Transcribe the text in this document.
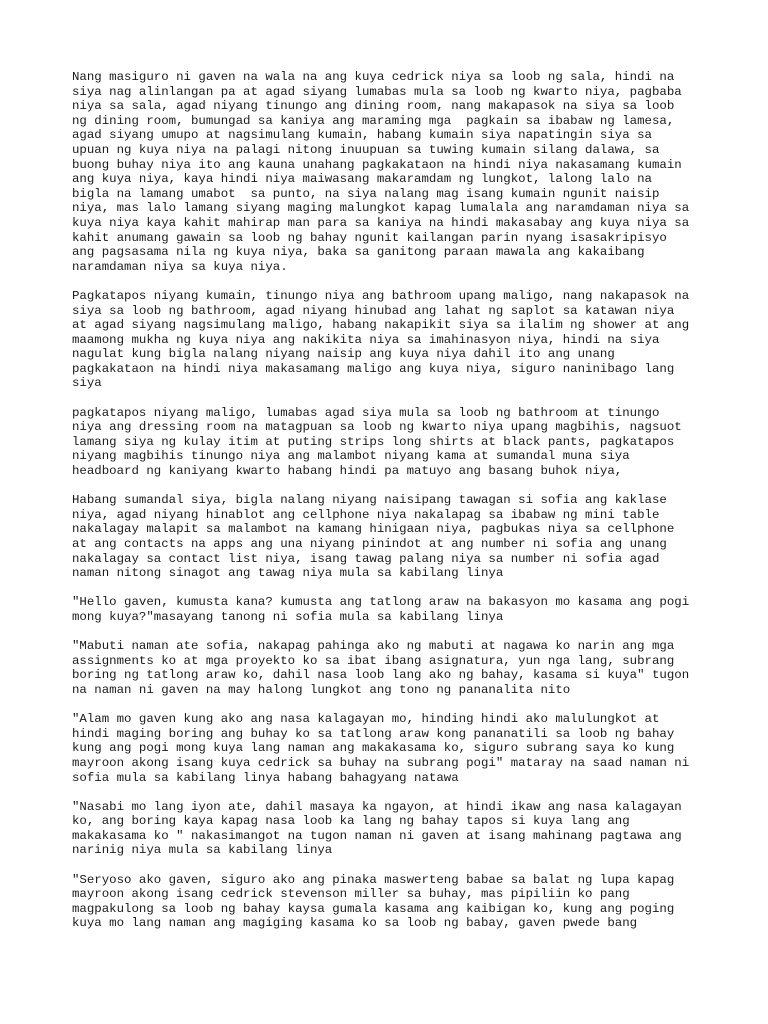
Nang masiguro ni gaven na wala na ang kuya cedrick niya sa loob ng sala, hindi na
siya nag alinlangan pa at agad siyang lumabas mula sa loob ng kwarto niya, pagbaba
niya sa sala, agad niyang tinungo ang dining room, nang makapasok na siya sa loob
ng dining room, bumungad sa kaniya ang maraming mga  pagkain sa ibabaw ng lamesa,
agad siyang umupo at nagsimulang kumain, habang kumain siya napatingin siya sa
upuan ng kuya niya na palagi nitong inuupuan sa tuwing kumain silang dalawa, sa
buong buhay niya ito ang kauna unahang pagkakataon na hindi niya nakasamang kumain
ang kuya niya, kaya hindi niya maiwasang makaramdam ng lungkot, lalong lalo na
bigla na lamang umabot  sa punto, na siya nalang mag isang kumain ngunit naisip
niya, mas lalo lamang siyang maging malungkot kapag lumalala ang naramdaman niya sa
kuya niya kaya kahit mahirap man para sa kaniya na hindi makasabay ang kuya niya sa
kahit anumang gawain sa loob ng bahay ngunit kailangan parin nyang isasakripisyo
ang pagsasama nila ng kuya niya, baka sa ganitong paraan mawala ang kakaibang
naramdaman niya sa kuya niya.
Pagkatapos niyang kumain, tinungo niya ang bathroom upang maligo, nang nakapasok na
siya sa loob ng bathroom, agad niyang hinubad ang lahat ng saplot sa katawan niya
at agad siyang nagsimulang maligo, habang nakapikit siya sa ilalim ng shower at ang
maamong mukha ng kuya niya ang nakikita niya sa imahinasyon niya, hindi na siya
nagulat kung bigla nalang niyang naisip ang kuya niya dahil ito ang unang
pagkakataon na hindi niya makasamang maligo ang kuya niya, siguro naninibago lang
siya
pagkatapos niyang maligo, lumabas agad siya mula sa loob ng bathroom at tinungo
niya ang dressing room na matagpuan sa loob ng kwarto niya upang magbihis, nagsuot
lamang siya ng kulay itim at puting strips long shirts at black pants, pagkatapos
niyang magbihis tinungo niya ang malambot niyang kama at sumandal muna siya
headboard ng kaniyang kwarto habang hindi pa matuyo ang basang buhok niya,
Habang sumandal siya, bigla nalang niyang naisipang tawagan si sofia ang kaklase
niya, agad niyang hinablot ang cellphone niya nakalapag sa ibabaw ng mini table
nakalagay malapit sa malambot na kamang hinigaan niya, pagbukas niya sa cellphone
at ang contacts na apps ang una niyang pinindot at ang number ni sofia ang unang
nakalagay sa contact list niya, isang tawag palang niya sa number ni sofia agad
naman nitong sinagot ang tawag niya mula sa kabilang linya
"Hello gaven, kumusta kana? kumusta ang tatlong araw na bakasyon mo kasama ang pogi
mong kuya?"masayang tanong ni sofia mula sa kabilang linya
"Mabuti naman ate sofia, nakapag pahinga ako ng mabuti at nagawa ko narin ang mga
assignments ko at mga proyekto ko sa ibat ibang asignatura, yun nga lang, subrang
boring ng tatlong araw ko, dahil nasa loob lang ako ng bahay, kasama si kuya" tugon
na naman ni gaven na may halong lungkot ang tono ng pananalita nito
"Alam mo gaven kung ako ang nasa kalagayan mo, hinding hindi ako malulungkot at
hindi maging boring ang buhay ko sa tatlong araw kong pananatili sa loob ng bahay
kung ang pogi mong kuya lang naman ang makakasama ko, siguro subrang saya ko kung
mayroon akong isang kuya cedrick sa buhay na subrang pogi" mataray na saad naman ni
sofia mula sa kabilang linya habang bahagyang natawa
"Nasabi mo lang iyon ate, dahil masaya ka ngayon, at hindi ikaw ang nasa kalagayan
ko, ang boring kaya kapag nasa loob ka lang ng bahay tapos si kuya lang ang
makakasama ko " nakasimangot na tugon naman ni gaven at isang mahinang pagtawa ang
narinig niya mula sa kabilang linya
"Seryoso ako gaven, siguro ako ang pinaka maswerteng babae sa balat ng lupa kapag
mayroon akong isang cedrick stevenson miller sa buhay, mas pipiliin ko pang
magpakulong sa loob ng bahay kaysa gumala kasama ang kaibigan ko, kung ang poging
kuya mo lang naman ang magiging kasama ko sa loob ng babay, gaven pwede bang
